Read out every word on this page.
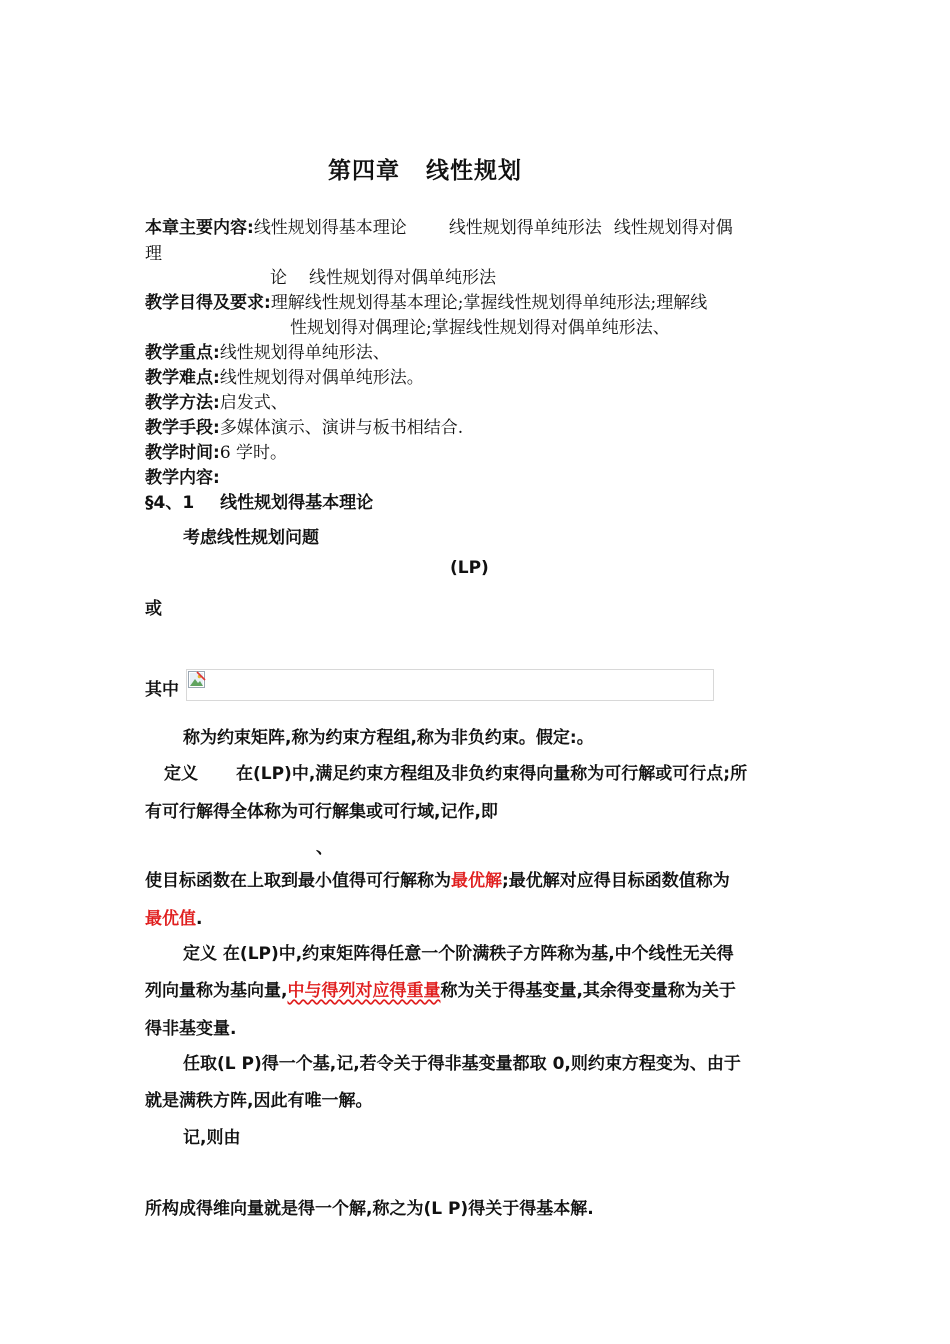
第四章 线性规划
本章主要内容:线性规划得基本理论 线性规划得单纯形法 线性规划得对偶
理
论 线性规划得对偶单纯形法
教学目得及要求:理解线性规划得基本理论;掌握线性规划得单纯形法;理解线
性规划得对偶理论;掌握线性规划得对偶单纯形法、
教学重点:线性规划得单纯形法、
教学难点:线性规划得对偶单纯形法。
教学方法:启发式、
教学手段:多媒体演示、演讲与板书相结合.
教学时间:6 学时。
教学内容:
§4、1 线性规划得基本理论
考虑线性规划问题
(LP)
或
其中
称为约束矩阵,称为约束方程组,称为非负约束。假定:。
定义 在(LP)中,满足约束方程组及非负约束得向量称为可行解或可行点;所
有可行解得全体称为可行解集或可行域,记作,即
、
使目标函数在上取到最小值得可行解称为最优解;最优解对应得目标函数值称为
最优值.
定义 在(LP)中,约束矩阵得任意一个阶满秩子方阵称为基,中个线性无关得
列向量称为基向量,中与得列对应得重量称为关于得基变量,其余得变量称为关于
得非基变量.
任取(L P)得一个基,记,若令关于得非基变量都取 0,则约束方程变为、由于
就是满秩方阵,因此有唯一解。
记,则由
所构成得维向量就是得一个解,称之为(L P)得关于得基本解.
